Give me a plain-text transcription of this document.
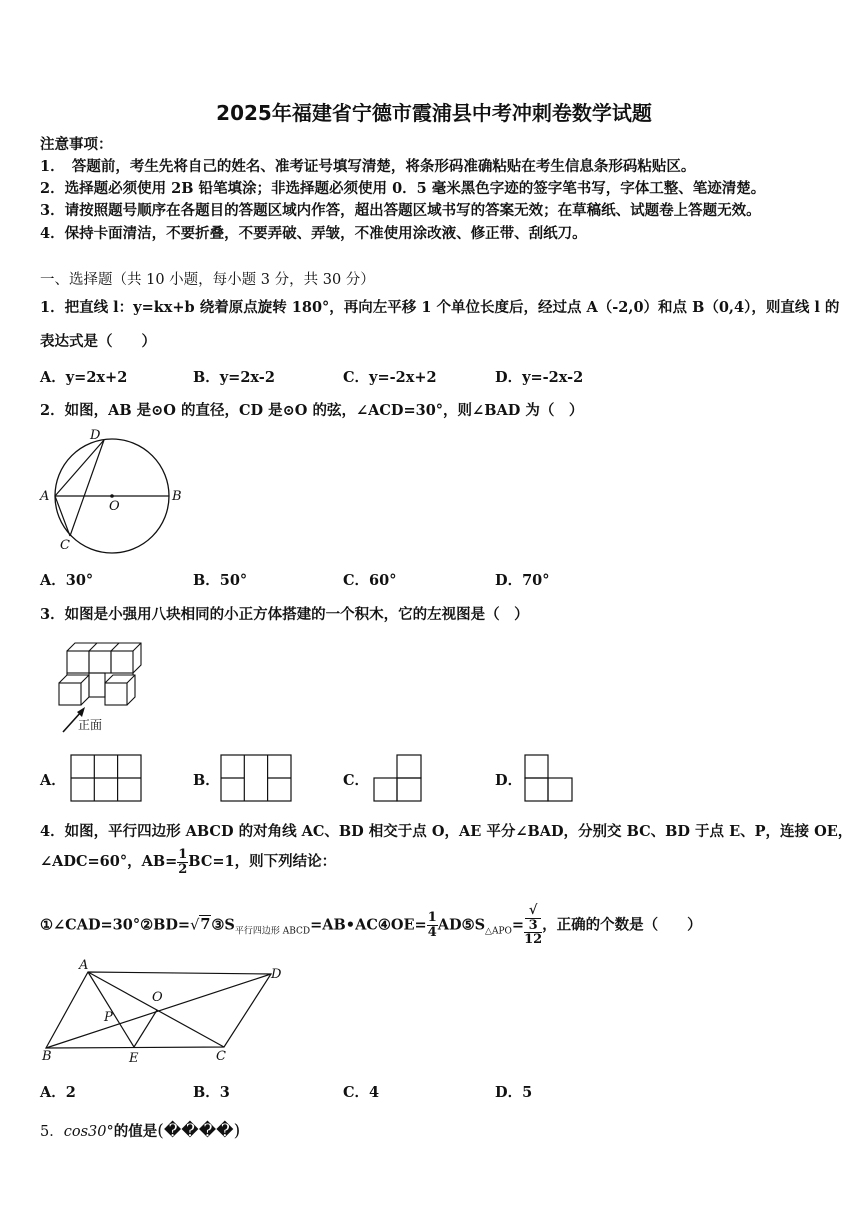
2025年福建省宁德市霞浦县中考冲刺卷数学试题
注意事项：
1．　答题前，考生先将自己的姓名、准考证号填写清楚，将条形码准确粘贴在考生信息条形码粘贴区。
2．选择题必须使用 2B 铅笔填涂；非选择题必须使用 0．5 毫米黑色字迹的签字笔书写，字体工整、笔迹清楚。
3．请按照题号顺序在各题目的答题区域内作答，超出答题区域书写的答案无效；在草稿纸、试题卷上答题无效。
4．保持卡面清洁，不要折叠，不要弄破、弄皱，不准使用涂改液、修正带、刮纸刀。
一、选择题（共 10 小题，每小题 3 分，共 30 分）
1．把直线 l：y=kx+b 绕着原点旋转 180°，再向左平移 1 个单位长度后，经过点 A（-2,0）和点 B（0,4），则直线 l 的
表达式是（　　）
A．y=2x+2	B．y=2x-2	C．y=-2x+2	D．y=-2x-2
2．如图，AB 是⊙O 的直径，CD 是⊙O 的弦，∠ACD=30°，则∠BAD 为（　）
D
A	B
O
C
A．30°	B．50°	C．60°	D．70°
3．如图是小强用八块相同的小正方体搭建的一个积木，它的左视图是（　）
正面
A．	B．	C．	D．
4．如图，平行四边形 ABCD 的对角线 AC、BD 相交于点 O，AE 平分∠BAD，分别交 BC、BD 于点 E、P，连接 OE，
∠ADC=60°，$AB= \frac{1}{2} BC=1$，则下列结论：
$①\angle CAD=30^\circ ②BD=√7③S_{平行四边形 ABCD}=AB•AC④OE= \frac{1}{4}$ $AD⑤S_{\triangle APO}=$ √
3
12 ，正确的个数是（　　）
A
D
O
P
B	E	C
A．2	B．3	C．4	D．5
5．cos30°的值是(����)
